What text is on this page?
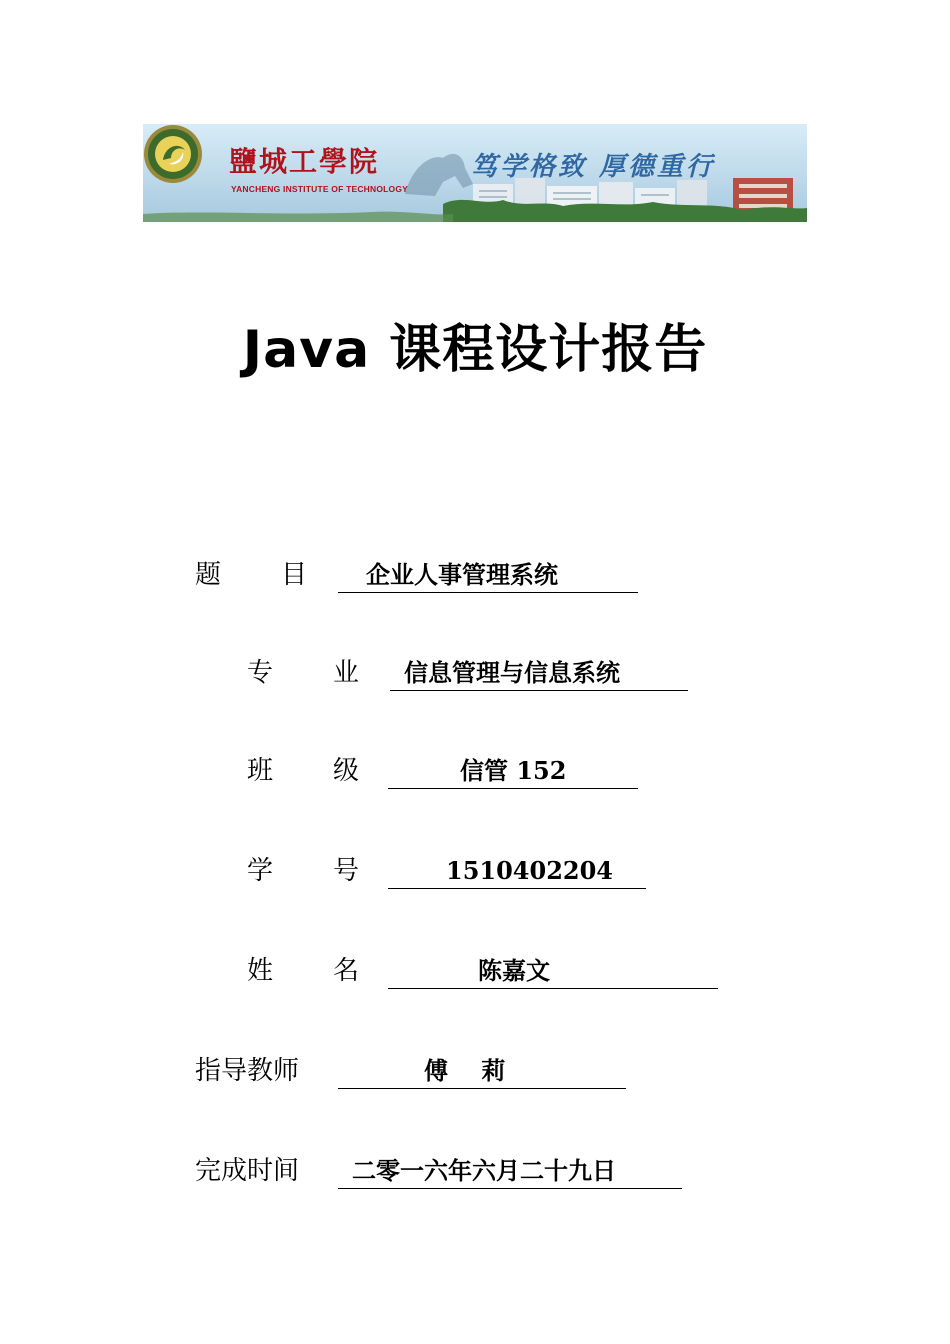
鹽城工學院
YANCHENG INSTITUTE OF TECHNOLOGY
笃学格致 厚德重行
Java 课程设计报告
题 目 企业人事管理系统
专 业 信息管理与信息系统
班 级	信管 152
学 号	1510402204
姓 名	陈嘉文
指导教师	傅    莉
完成时间 二零一六年六月二十九日
